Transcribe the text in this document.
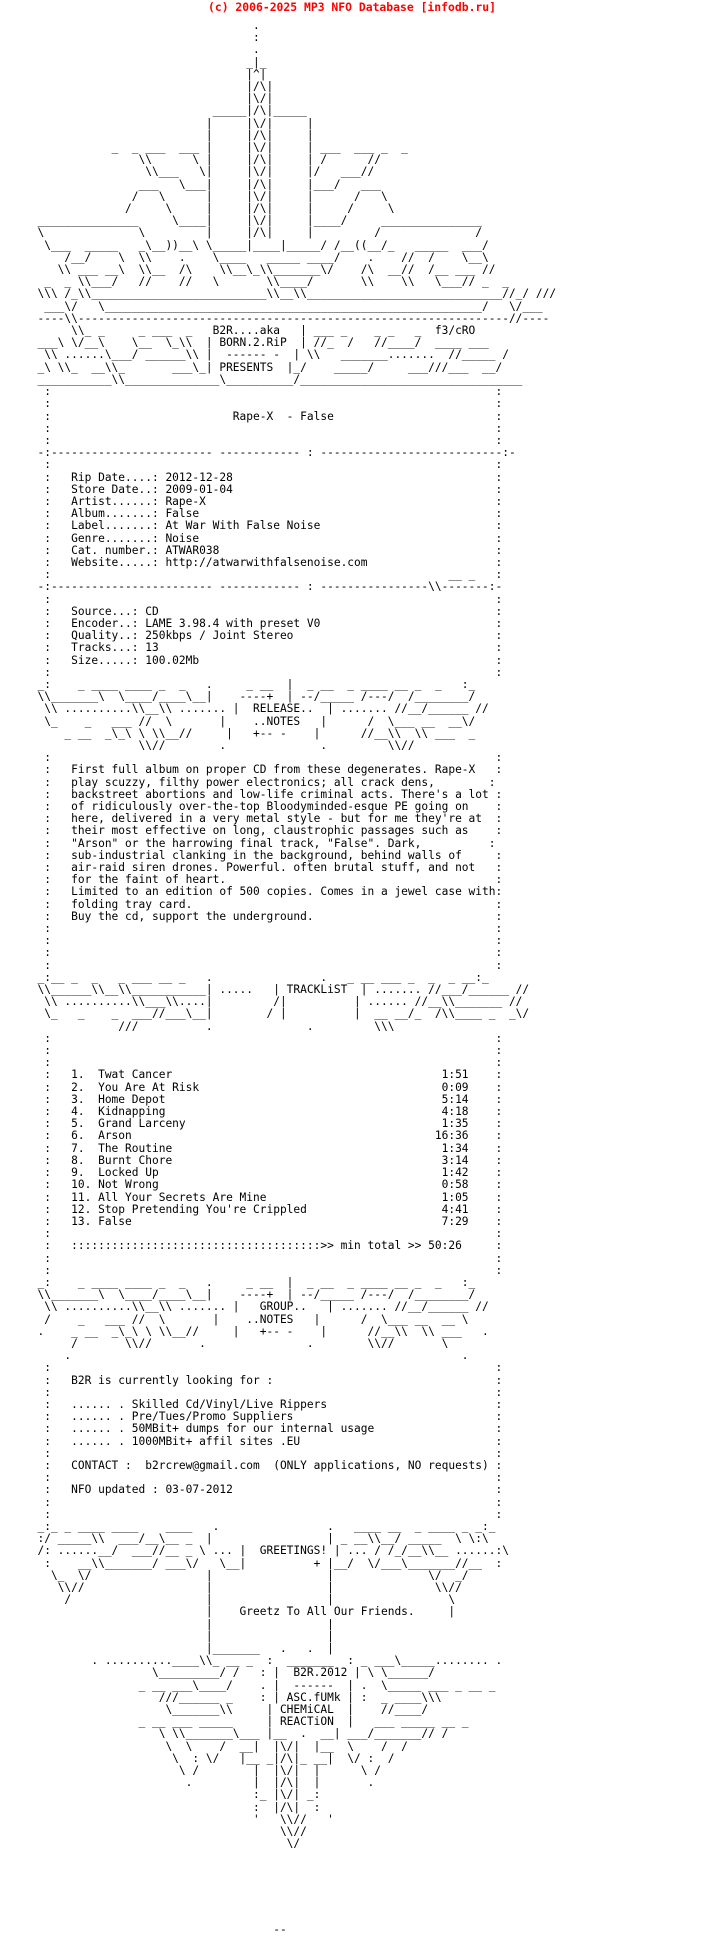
(c) 2006-2025 MP3 NFO Database [infodb.ru]
.
:
.
_|_
|^|
|/\|
|\/|
_____|/\|_____
|     |\/|     |
|     |/\|     |
_  _ ___  ___ |     |\/|     | ___  ___ _  _
\\      \ |     |/\|     | /      //
\\___   \|     |\/|     |/   ___//
___   \___|     |/\|     |___/   ___
/   \      |     |\/|     |      /   \
/     \     |     |/\|     |     /     \
_______________     \____|     |\/|     |____/     _______________
\              \         |     |/\|     |         /              /
\___  _____   _\__))__\ \_____|____|_____/ /__((__/_   _____  ___/
/__/    \  \\    .    \____   _____ ____/    .    //  /    \__\
\\ ___ __\  \\__  /\    \\__\_\\_______\/    /\  __//  /__ ___ //
_  _ \\___/   //    //   \       \\____/       \\    \\   \___// _  _
\\\ /_\\__________________________\\__\\_____________________________//_/ ///
___\/   \________________________________________________________/   \/___
----\\----------------------------------------------------------------//----
\\_ _     _ ___  _   B2R....aka   | ___ _    _ _   _  f3/cRO
___\ \/__\    \__  \_\\  | BORN.2.RiP  | //_  /   //____/  ____ ___
\\ ......\___/ ______\\ |  ------ -  | \\   _______.......  //_____ /
_\ \\_  __\\_       ___\_| PRESENTS  |_/    _____/     ___///___  __/
___________\\______________\__________/_________________________________
:                                                                  :
:                                                                  :
:                           Rape-X  - False                        :
:                                                                  :
:                                                                  :
-:------------------------ ------------ : ---------------------------:-
:                                                                  :
:   Rip Date....: 2012-12-28                                       :
:   Store Date..: 2009-01-04                                       :
:   Artist......: Rape-X                                           :
:   Album.......: False                                            :
:   Label.......: At War With False Noise                          :
:   Genre.......: Noise                                            :
:   Cat. number.: ATWAR038                                         :
:   Website.....: http://atwarwithfalsenoise.com                   :
:                                                           __ _   :
-:------------------------ ------------ : ----------------\\-------:-
:                                                                  :
:   Source...: CD                                                  :
:   Encoder..: LAME 3.98.4 with preset V0                          :
:   Quality..: 250kbps / Joint Stereo                              :
:   Tracks...: 13                                                  :
:   Size.....: 100.02Mb                                            :
:                                                                  :
_:    _ ____ ____ _  _   .     _ __  |  _ __  _ ____ __ _  _   :_
\\_______\  \____/____\__|    ----+  | --/_____ /---/  /________/
\\ ..........\\__\\ ....... |  RELEASE..  | ....... //__/______ //
\_    _   ___ //  \       |    ..NOTES   |      /  \___ __  __\/
_ __  _\_\ \ \\__//     |   +-- -    |      //__\\  \\ ___  _
\\//        .              .         \\//
:                                                                  :
:   First full album on proper CD from these degenerates. Rape-X   :
:   play scuzzy, filthy power electronics; all crack dens,        :
:   backstreet abortions and low-life criminal acts. There's a lot :
:   of ridiculously over-the-top Bloodyminded-esque PE going on    :
:   here, delivered in a very metal style - but for me they're at  :
:   their most effective on long, claustrophic passages such as    :
:   "Arson" or the harrowing final track, "False". Dark,          :
:   sub-industrial clanking in the background, behind walls of     :
:   air-raid siren drones. Powerful. often brutal stuff, and not   :
:   for the faint of heart.                                        :
:   Limited to an edition of 500 copies. Comes in a jewel case with:
:   folding tray card.                                             :
:   Buy the cd, support the underground.                           :
:                                                                  :
:                                                                  :
:                                                                  :
:                                                                  :
_:__ _  _   _ ___ __ _   .                .   _ __ ___ _  _  _ __:_
\\______\\__\\___________| .....   | TRACKLiST  | ....... //___/______ //
\\ ..........\\___\\....|         /|          | ...... //__\\_______ //
\_   _    _  ___//___\__|        / |          |  __ __/_  /\\____ _  _\/
///          .              .         \\\
:                                                                  :
:                                                                  :
:                                                                  :
:   1.  Twat Cancer                                        1:51    :
:   2.  You Are At Risk                                    0:09    :
:   3.  Home Depot                                         5:14    :
:   4.  Kidnapping                                         4:18    :
:   5.  Grand Larceny                                      1:35    :
:   6.  Arson                                             16:36    :
:   7.  The Routine                                        1:34    :
:   8.  Burnt Chore                                        3:14    :
:   9.  Locked Up                                          1:42    :
:   10. Not Wrong                                          0:58    :
:   11. All Your Secrets Are Mine                          1:05    :
:   12. Stop Pretending You're Crippled                    4:41    :
:   13. False                                              7:29    :
:                                                                  :
:   :::::::::::::::::::::::::::::::::::::>> min total >> 50:26     :
:                                                                  :
:                                                                  :
_:    _ ____ ____ _  _   .     _ __  |  _ __  _ ____ __ _  _   :_
\\_______\  \____/____\__|    ----+  | --/_____ /---/  /________/
\\ ..........\\__\\ ....... |   GROUP..   | ....... //__/______ //
/    _   ___ //  \       |    ..NOTES   |      /  \___ __  __ \
.    _ __  _\_\ \ \\__//     |   +-- -    |      //__\\  \\ ___   .
/       \\//       .               .        \\//       \
.                                                          .
:                                                                  :
:   B2R is currently looking for :                                 :
:                                                                  :
:   ...... . Skilled Cd/Vinyl/Live Rippers                         :
:   ...... . Pre/Tues/Promo Suppliers                              :
:   ...... . 50MBit+ dumps for our internal usage                  :
:   ...... . 1000MBit+ affil sites .EU                             :
:                                                                  :
:   CONTACT :  b2rcrew@gmail.com  (ONLY applications, NO requests) :
:                                                                  :
:   NFO updated : 03-07-2012                                       :
:                                                                  :
:                                                                  :
_:_ _ ____ ____    ____   .                .   ____ __  _ ____ _ _:_
:/ _____\\  ___/__\__ _  |                 | _ __\\__/ _____  \ \:\
/: ......__/  ___//__ _ \ ... |  GREETINGS! | ... / /_/__\\__ ......:\
:    __\\_______/ ___\/   \__|          + |__/  \/___\_______//__  :
\_  \/                 |                 |              \/  _/
\\//                  |                 |               \\//
/                    |                 |                 \
|    Greetz To All Our Friends.     |
|                 |
|                 |
|_______   .   .  |
. ..........____\\_ __ _  :  _______  : _ ___\_____........ .
\_________/ /   : |  B2R.2012 | \ \______/
_ __ ___\____/    . |  ------  | .  \_____ ___ _ __ _
///______ _    : | ASC.fUMk | :  _ ____\\\
\_______\\     | CHEMiCAL  |    //____/
_ __ ___ _____     | REACTiON  |   ___ _____ __ _
\ \\_______\___ |__  .  __| ___/_______// /
\  \    /  __|  |\/|  |__  \    /  /
\  : \/   |__ _|/\|_ __|  \/ :  /
\ /        |  |\/|  |      \ /
.         |  |/\|  |       .
:_ |\/| _:
:  |/\|  :
'   \\//   '
\\//
\/

--
